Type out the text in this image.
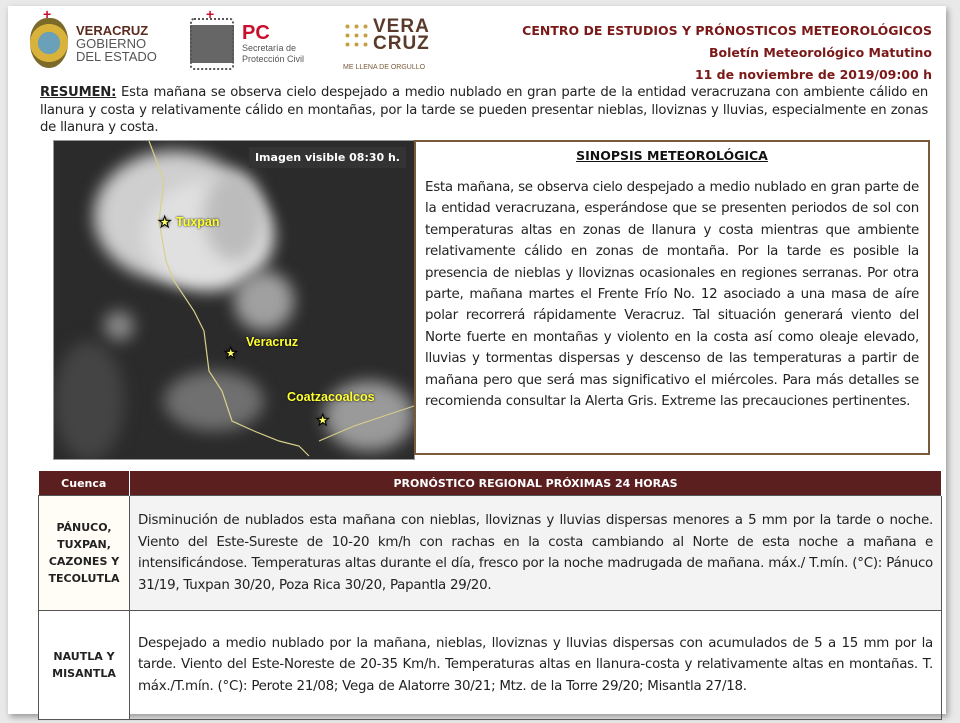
+
VERACRUZ
GOBIERNO
DEL ESTADO
+
PC
Secretaría de
Protección Civil
VERA
CRUZ
ME LLENA DE ORGULLO
CENTRO DE ESTUDIOS Y PRÓNOSTICOS METEOROLÓGICOS
Boletín Meteorológico Matutino
11 de noviembre de 2019/09:00 h
RESUMEN: Esta mañana se observa cielo despejado a medio nublado en gran parte de la entidad veracruzana con ambiente cálido en llanura y costa y relativamente cálido en montañas, por la tarde se pueden presentar nieblas, lloviznas y lluvias, especialmente en zonas de llanura y costa.
Imagen visible 08:30 h.
★ Tuxpan
★
Veracruz
★
Coatzacoalcos
SINOPSIS METEOROLÓGICA

Esta mañana, se observa cielo despejado a medio nublado en gran parte de la entidad veracruzana, esperándose que se presenten periodos de sol con temperaturas altas en zonas de llanura y costa mientras que ambiente relativamente cálido en zonas de montaña. Por la tarde es posible la presencia de nieblas y lloviznas ocasionales en regiones serranas. Por otra parte, mañana martes el Frente Frío No. 12 asociado a una masa de aíre polar recorrerá rápidamente Veracruz. Tal situación generará viento del Norte fuerte en montañas y violento en la costa así como oleaje elevado, lluvias y tormentas dispersas y descenso de las temperaturas a partir de mañana pero que será mas significativo el miércoles. Para más detalles se recomienda consultar la Alerta Gris. Extreme las precauciones pertinentes.

Cuenca	PRONÓSTICO REGIONAL PRÓXIMAS 24 HORAS
PÁNUCO, TUXPAN, CAZONES Y TECOLUTLA	Disminución de nublados esta mañana con nieblas, lloviznas y lluvias dispersas menores a 5 mm por la tarde o noche. Viento del Este-Sureste de 10-20 km/h con rachas en la costa cambiando al Norte de esta noche a mañana e intensificándose. Temperaturas altas durante el día, fresco por la noche madrugada de mañana. máx./ T.mín. (°C): Pánuco 31/19, Tuxpan 30/20, Poza Rica 30/20, Papantla 29/20.
NAUTLA Y MISANTLA	Despejado a medio nublado por la mañana, nieblas, lloviznas y lluvias dispersas con acumulados de 5 a 15 mm por la tarde. Viento del Este-Noreste de 20-35 Km/h. Temperaturas altas en llanura-costa y relativamente altas en montañas. T. máx./T.mín. (°C): Perote 21/08; Vega de Alatorre 30/21; Mtz. de la Torre 29/20; Misantla 27/18.
